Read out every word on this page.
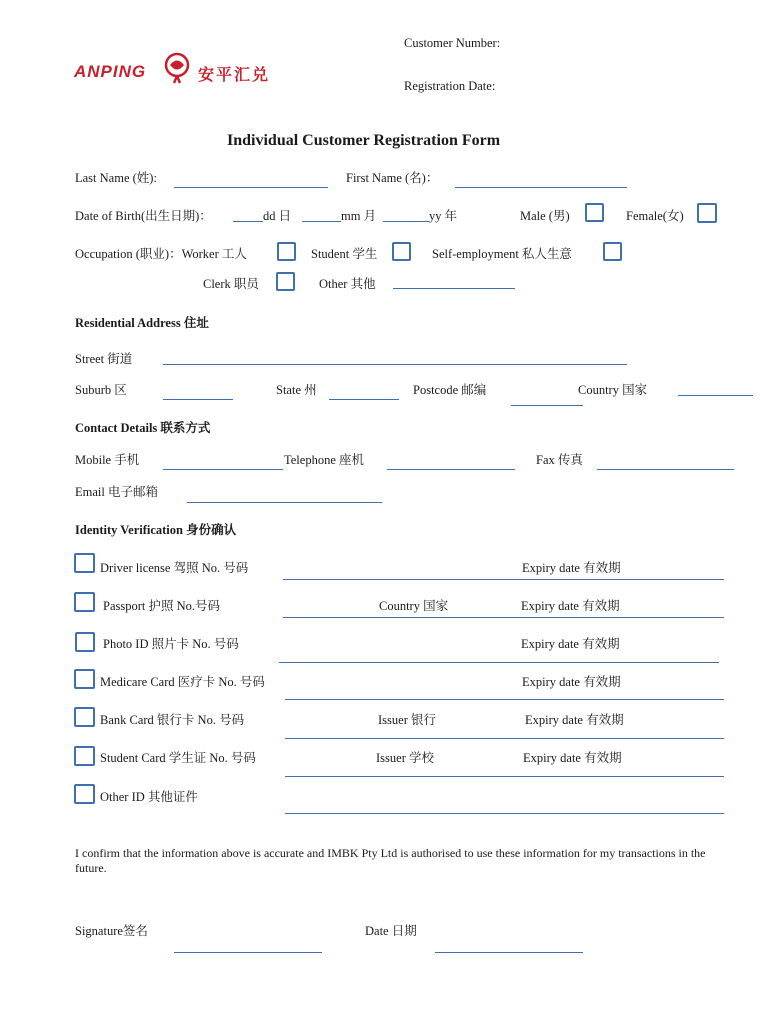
ANPING	安平汇兑
Customer Number:
Registration Date:
Individual Customer Registration Form
Last Name (姓):	First Name (名)：
Date of Birth(出生日期)：	dd 日	mm 月	yy 年	Male (男)	Female(女)
Occupation (职业)：Worker 工人	Student 学生	Self-employment 私人生意
Clerk 职员	Other 其他
Residential Address 住址
Street 街道
Suburb 区	State 州	Postcode 邮编	Country 国家
Contact Details 联系方式
Mobile 手机	Telephone 座机	Fax 传真
Email 电子邮箱
Identity Verification 身份确认
Driver license 驾照 No. 号码	Expiry date 有效期
Passport 护照 No.号码	Country 国家	Expiry date 有效期
Photo ID 照片卡 No. 号码	Expiry date 有效期
Medicare Card 医疗卡 No. 号码	Expiry date 有效期
Bank Card 银行卡 No. 号码	Issuer 银行	Expiry date 有效期
Student Card 学生证 No. 号码	Issuer 学校	Expiry date 有效期
Other ID 其他证件
I confirm that the information above is accurate and IMBK Pty Ltd is authorised to use these information for my transactions in the future.
Signature签名	Date 日期
